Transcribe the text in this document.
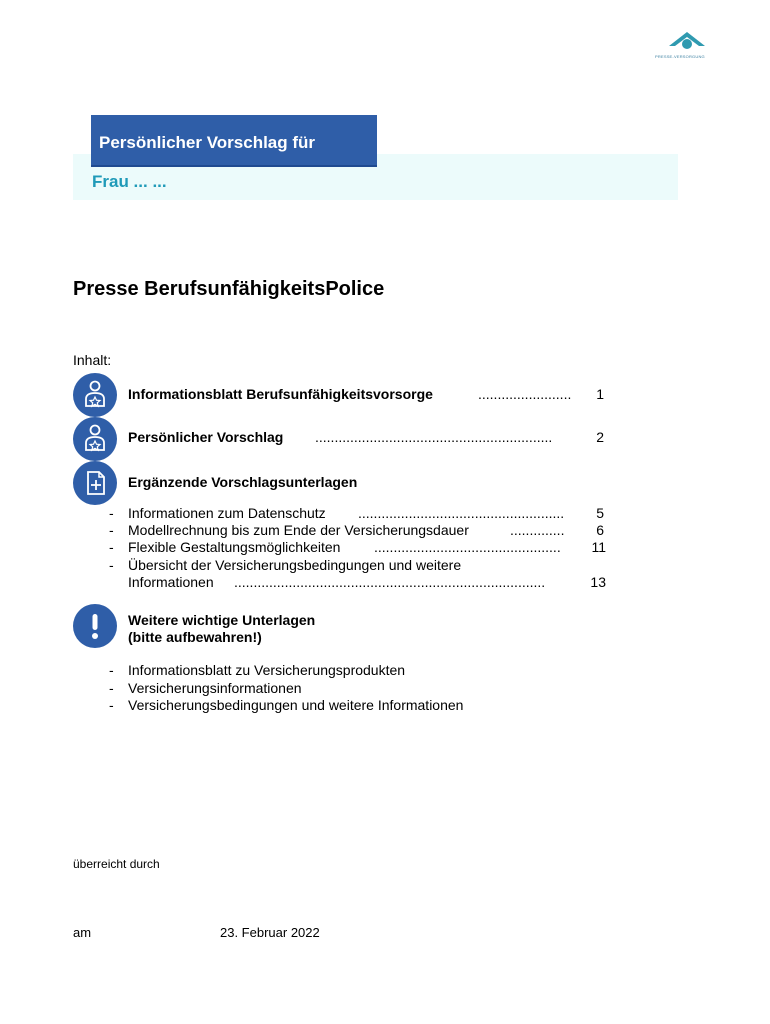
PRESSE-VERSORGUNG
Persönlicher Vorschlag für
Frau ... ...
Presse BerufsunfähigkeitsPolice
Inhalt:
Informationsblatt Berufsunfähigkeitsvorsorge	........................	1
Persönlicher Vorschlag .............................................................	2
Ergänzende Vorschlagsunterlagen
- Informationen zum Datenschutz .....................................................	5
- Modellrechnung bis zum Ende der Versicherungsdauer	..............	6
- Flexible Gestaltungsmöglichkeiten ................................................	11
- Übersicht der Versicherungsbedingungen und weitere
Informationen ................................................................................	13
Weitere wichtige Unterlagen
(bitte aufbewahren!)
- Informationsblatt zu Versicherungsprodukten
- Versicherungsinformationen
- Versicherungsbedingungen und weitere Informationen
überreicht durch
am	23. Februar 2022
